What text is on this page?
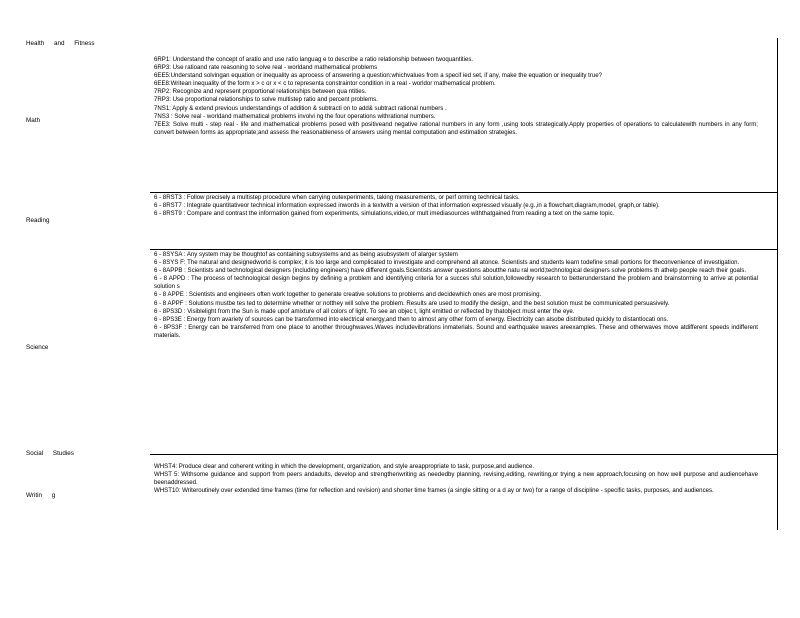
Health and Fitness
Math
Reading
Science
Social Studies
Writin g

6RP1: Understand the concept of aratio and use ratio languag e to describe a ratio relationship between twoquantities.

6RP3: Use ratioand rate reasoning to solve real - worldand mathematical problems

6EE5:Understand solvingan equation or inequality as aprocess of answering a question:whichvalues from a specif ied set, if any, make the equation or inequality true?

6EE8:Writean inequality of the form x > c or x < c to representa constraintor condition in a real - worldor mathematical problem.

7RP2: Recognize and represent proportional relationships between qua ntities.

7RP3: Use proportional relationships to solve multistep ratio and percent problems.

7NS1: Apply & extend previous understandings of addition & subtracti on to add& subtract rational numbers .

7NS3 : Solve real - worldand mathematical problems involvi ng the four operations withrational numbers.

7EE3: Solve multi - step real - life and mathematical problems posed with positiveand negative rational numbers in any form ,using tools strategically.Apply properties of operations to calculatewith numbers in any form; convert between forms as appropriate;and assess the reasonableness of answers using mental computation and estimation strategies.

6 - 8RST3 : Follow precisely a multistep procedure when carrying outexperiments, taking measurements, or perf orming technical tasks.

6 - 8RST7 : Integrate quantitativeor technical information expressed inwords in a textwith a version of that information expressed visually (e.g.,in a flowchart,diagram,model, graph,or table).

6 - 8RST9 : Compare and contrast the information gained from experiments, simulations,video,or mult imediasources withthatgained from reading a text on the same topic.

6 - 8SYSA : Any system may be thoughtof as containing subsystems and as being asubsystem of alarger system

6 - 8SYS F: The natural and designedworld is complex; it is too large and complicated to investigate and comprehend all atonce. Scientists and students learn todefine small portions for theconvenience of investigation.

6 - 8APPB : Scientists and technological designers (including engineers) have different goals.Scientists answer questions aboutthe natu ral world;technological designers solve problems th athelp people reach their goals.

6 - 8 APPD : The process of technological design begins by defining a problem and identifying criteria for a succes sful solution,followedby research to betterunderstand the problem and brainstorming to arrive at potential solution s

6 - 8 APPE : Scientists and engineers often work together to generate creative solutions to problems and decidewhich ones are most promising.

6 - 8 APPF : Solutions mustbe tes ted to determine whether or notthey will solve the problem. Results are used to modify the design, and the best solution must be communicated persuasively.

6 - 8PS3D : Visiblelight from the Sun is made upof amixture of all colors of light. To see an objec t, light emitted or reflected by thatobject must enter the eye.

6 - 8PS3E : Energy from avariety of sources can be transformed into electrical energy,and then to almost any other form of energy. Electricity can alsobe distributed quickly to distantlocati ons.

6 - 8PS3F : Energy can be transferred from one place to another throughwaves.Waves includevibrations inmaterials. Sound and earthquake waves areexamples. These and otherwaves move atdifferent speeds indifferent materials.

WHST4: Produce clear and coherent writing in which the development, organization, and style areappropriate to task, purpose,and audience.

WHST 5: Withsome guidance and support from peers andadults, develop and strengthenwriting as neededby planning, revising,editing, rewriting,or trying a new approach,focusing on how well purpose and audiencehave beenaddressed.

WHST10: Writeroutinely over extended time frames (time for reflection and revision) and shorter time frames (a single sitting or a d ay or two) for a range of discipline - specific tasks, purposes, and audiences.
